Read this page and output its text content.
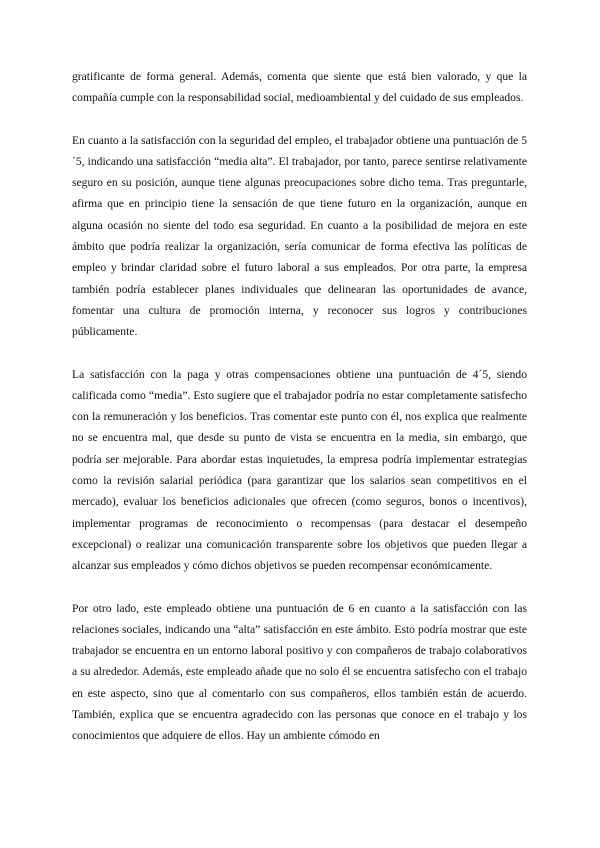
gratificante de forma general. Además, comenta que siente que está bien valorado, y que la compañía cumple con la responsabilidad social, medioambiental y del cuidado de sus empleados.

En cuanto a la satisfacción con la seguridad del empleo, el trabajador obtiene una puntuación de 5´5, indicando una satisfacción “media alta”. El trabajador, por tanto, parece sentirse relativamente seguro en su posición, aunque tiene algunas preocupaciones sobre dicho tema. Tras preguntarle, afirma que en principio tiene la sensación de que tiene futuro en la organización, aunque en alguna ocasión no siente del todo esa seguridad. En cuanto a la posibilidad de mejora en este ámbito que podría realizar la organización, sería comunicar de forma efectiva las políticas de empleo y brindar claridad sobre el futuro laboral a sus empleados. Por otra parte, la empresa también podría establecer planes individuales que delinearan las oportunidades de avance, fomentar una cultura de promoción interna, y reconocer sus logros y contribuciones públicamente.

La satisfacción con la paga y otras compensaciones obtiene una puntuación de 4´5, siendo calificada como “media”. Esto sugiere que el trabajador podría no estar completamente satisfecho con la remuneración y los beneficios. Tras comentar este punto con él, nos explica que realmente no se encuentra mal, que desde su punto de vista se encuentra en la media, sin embargo, que podría ser mejorable. Para abordar estas inquietudes, la empresa podría implementar estrategias como la revisión salarial periódica (para garantizar que los salarios sean competitivos en el mercado), evaluar los beneficios adicionales que ofrecen (como seguros, bonos o incentivos), implementar programas de reconocimiento o recompensas (para destacar el desempeño excepcional) o realizar una comunicación transparente sobre los objetivos que pueden llegar a alcanzar sus empleados y cómo dichos objetivos se pueden recompensar económicamente.

Por otro lado, este empleado obtiene una puntuación de 6 en cuanto a la satisfacción con las relaciones sociales, indicando una “alta” satisfacción en este ámbito. Esto podría mostrar que este trabajador se encuentra en un entorno laboral positivo y con compañeros de trabajo colaborativos a su alrededor. Además, este empleado añade que no solo él se encuentra satisfecho con el trabajo en este aspecto, sino que al comentarlo con sus compañeros, ellos también están de acuerdo. También, explica que se encuentra agradecido con las personas que conoce en el trabajo y los conocimientos que adquiere de ellos. Hay un ambiente cómodo en
